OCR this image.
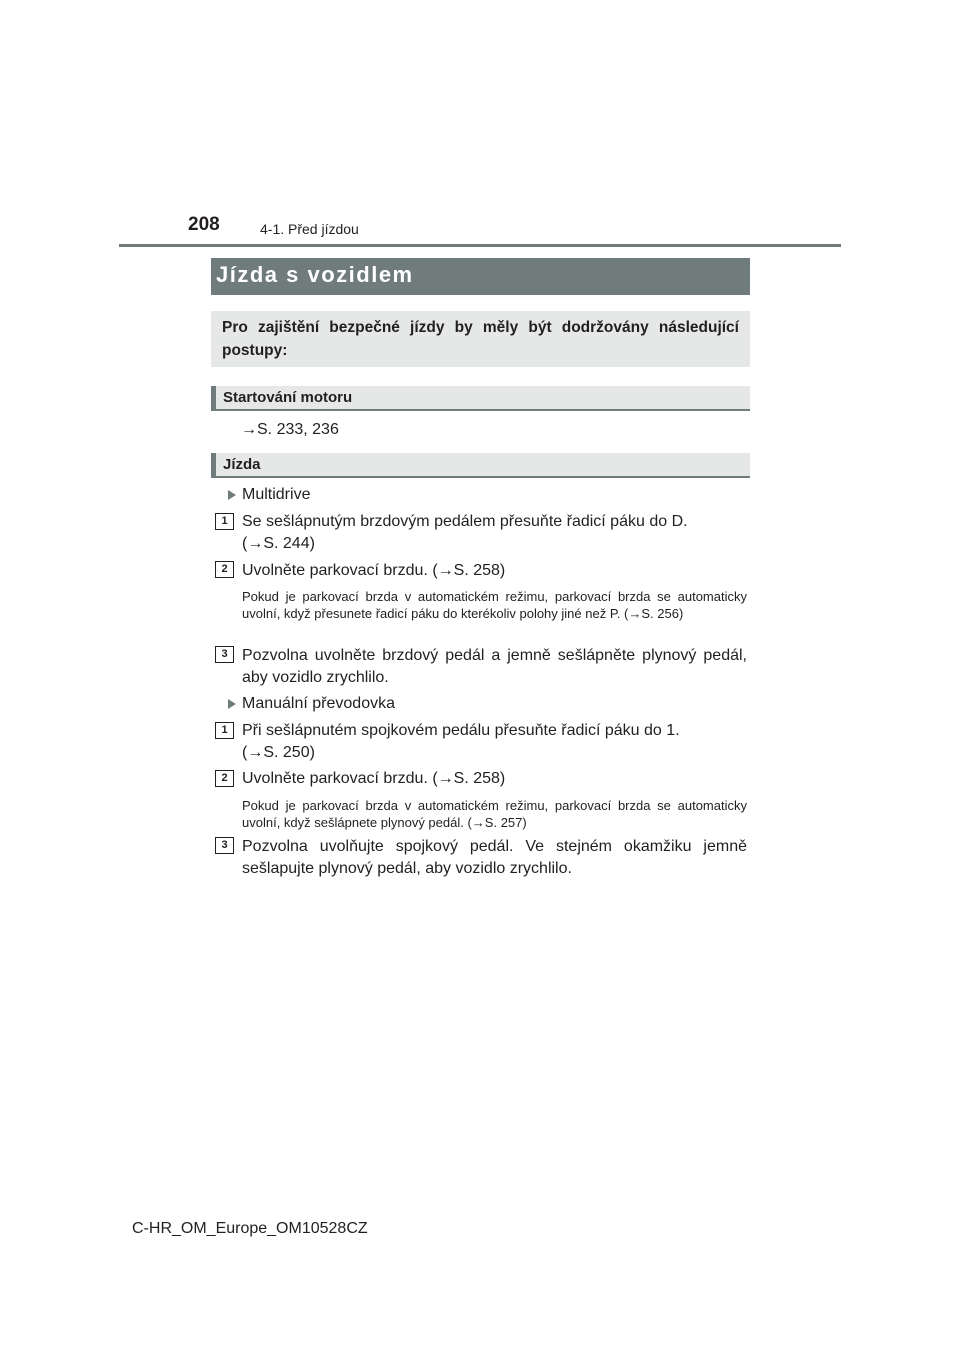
208	4-1. Před jízdou
Jízda s vozidlem
Pro zajištění bezpečné jízdy by měly být dodržovány následující postupy:
Startování motoru
→S. 233, 236
Jízda
Multidrive
1 Se sešlápnutým brzdovým pedálem přesuňte řadicí páku do D.
(→S. 244)
2 Uvolněte parkovací brzdu. (→S. 258)
Pokud je parkovací brzda v automatickém režimu, parkovací brzda se automaticky uvolní, když přesunete řadicí páku do kterékoliv polohy jiné než P. (→S. 256)
3 Pozvolna uvolněte brzdový pedál a jemně sešlápněte plynový pedál, aby vozidlo zrychlilo.
Manuální převodovka
1 Při sešlápnutém spojkovém pedálu přesuňte řadicí páku do 1.
(→S. 250)
2 Uvolněte parkovací brzdu. (→S. 258)
Pokud je parkovací brzda v automatickém režimu, parkovací brzda se automaticky uvolní, když sešlápnete plynový pedál. (→S. 257)
3 Pozvolna uvolňujte spojkový pedál. Ve stejném okamžiku jemně sešlapujte plynový pedál, aby vozidlo zrychlilo.
C-HR_OM_Europe_OM10528CZ
